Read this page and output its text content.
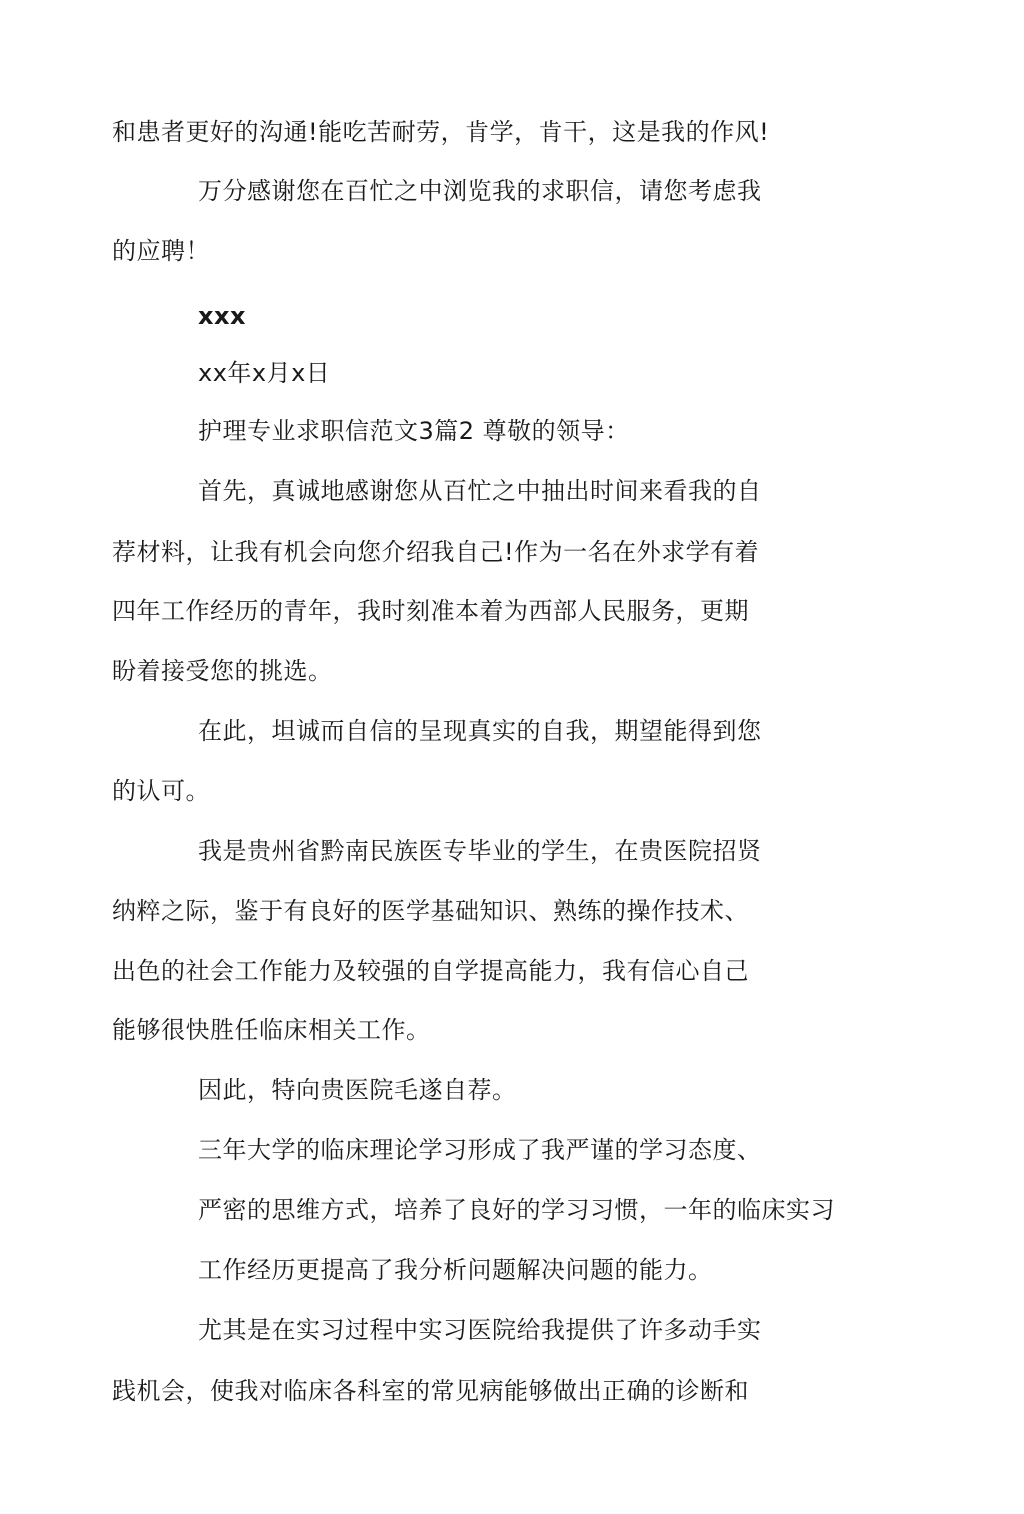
和患者更好的沟通!能吃苦耐劳，肯学，肯干，这是我的作风!
万分感谢您在百忙之中浏览我的求职信，请您考虑我
的应聘！
xxx
xx年x月x日
护理专业求职信范文3篇2 尊敬的领导：
首先，真诚地感谢您从百忙之中抽出时间来看我的自
荐材料，让我有机会向您介绍我自己!作为一名在外求学有着
四年工作经历的青年，我时刻准本着为西部人民服务，更期
盼着接受您的挑选。
在此，坦诚而自信的呈现真实的自我，期望能得到您
的认可。
我是贵州省黔南民族医专毕业的学生，在贵医院招贤
纳粹之际，鉴于有良好的医学基础知识、熟练的操作技术、
出色的社会工作能力及较强的自学提高能力，我有信心自己
能够很快胜任临床相关工作。
因此，特向贵医院毛遂自荐。
三年大学的临床理论学习形成了我严谨的学习态度、
严密的思维方式，培养了良好的学习习惯，一年的临床实习
工作经历更提高了我分析问题解决问题的能力。
尤其是在实习过程中实习医院给我提供了许多动手实
践机会，使我对临床各科室的常见病能够做出正确的诊断和
